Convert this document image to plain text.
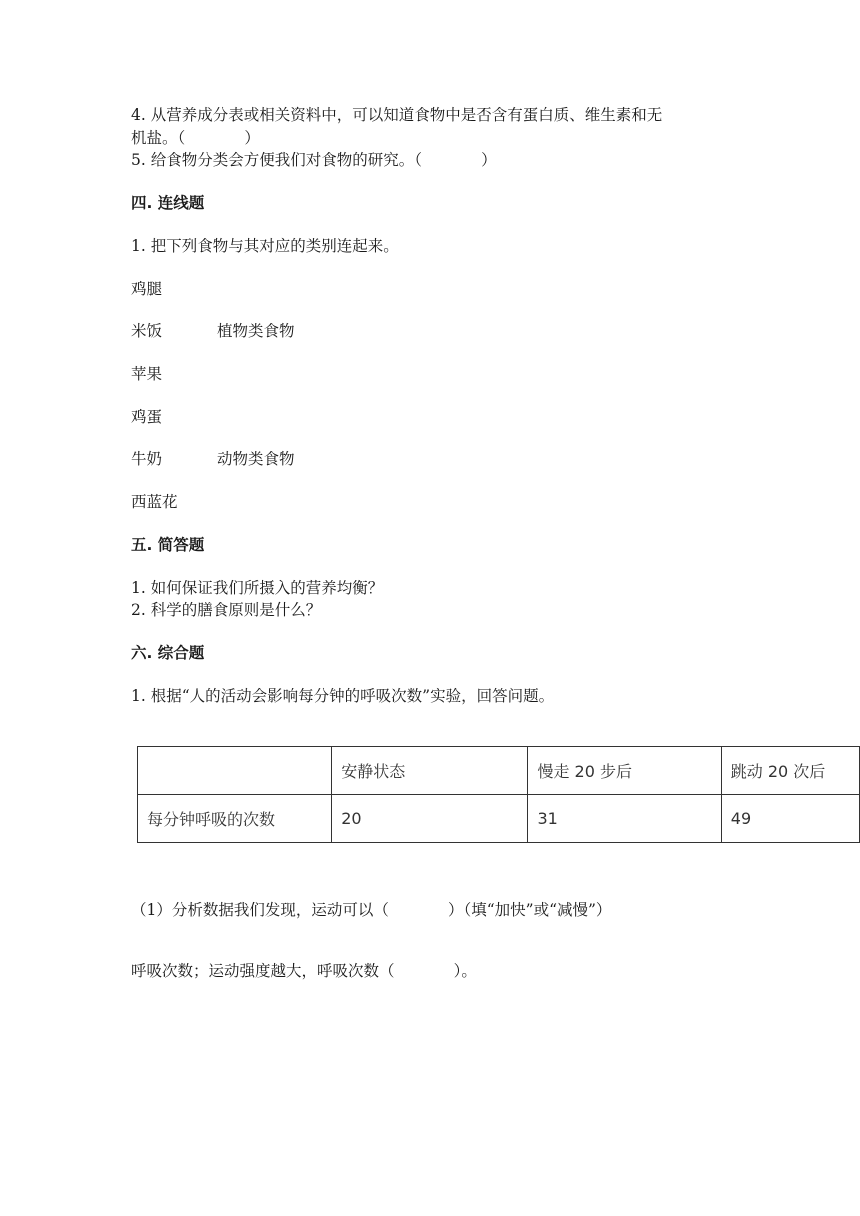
4. 从营养成分表或相关资料中，可以知道食物中是否含有蛋白质、维生素和无
机盐。（            ）
5. 给食物分类会方便我们对食物的研究。（            ）
四. 连线题
1. 把下列食物与其对应的类别连起来。
鸡腿
米饭	植物类食物
苹果
鸡蛋
牛奶	动物类食物
西蓝花
五. 简答题
1. 如何保证我们所摄入的营养均衡？
2. 科学的膳食原则是什么？
六. 综合题
1. 根据“人的活动会影响每分钟的呼吸次数”实验，回答问题。
	安静状态	慢走 20 步后	跳动 20 次后
每分钟呼吸的次数	20	31	49
（1）分析数据我们发现，运动可以（            ）（填“加快”或“减慢”）
呼吸次数；运动强度越大，呼吸次数（            ）。
